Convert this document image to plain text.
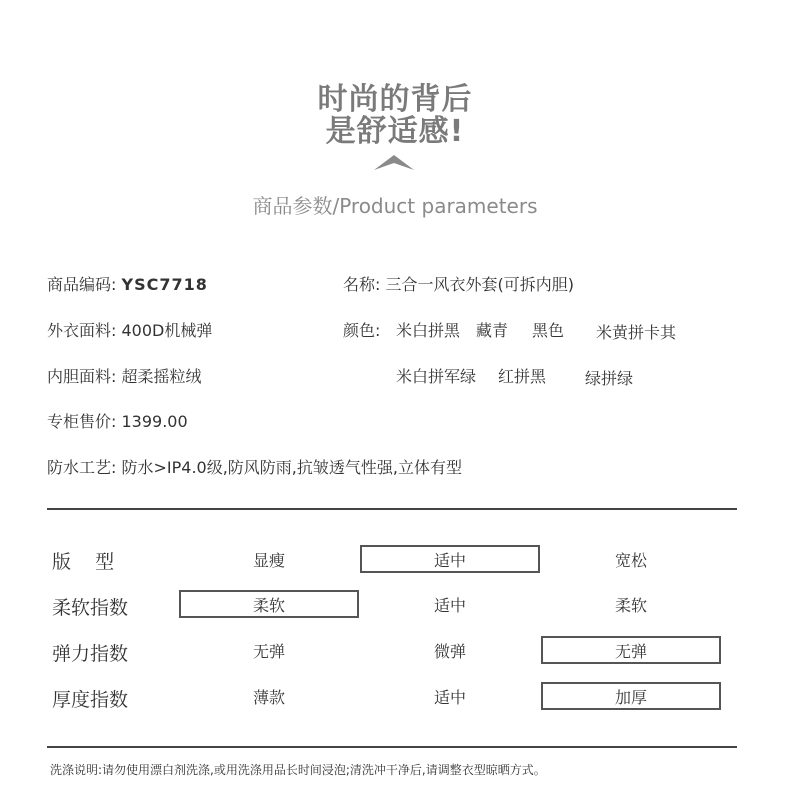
时尚的背后
是舒适感!
商品参数/Product parameters
商品编码: YSC7718	名称: 三合一风衣外套(可拆内胆)
外衣面料: 400D机械弹	颜色: 米白拼黑 藏青 黑色 米黄拼卡其
内胆面料: 超柔摇粒绒	米白拼军绿 红拼黑 绿拼绿
专柜售价: 1399.00
防水工艺: 防水>IP4.0级,防风防雨,抗皱透气性强,立体有型
版    型	显瘦	适中	宽松
柔软指数	柔软	适中	柔软
弹力指数	无弹	微弹	无弹
厚度指数	薄款	适中	加厚
洗涤说明:请勿使用漂白剂洗涤,或用洗涤用品长时间浸泡;清洗冲干净后,请调整衣型晾晒方式。
